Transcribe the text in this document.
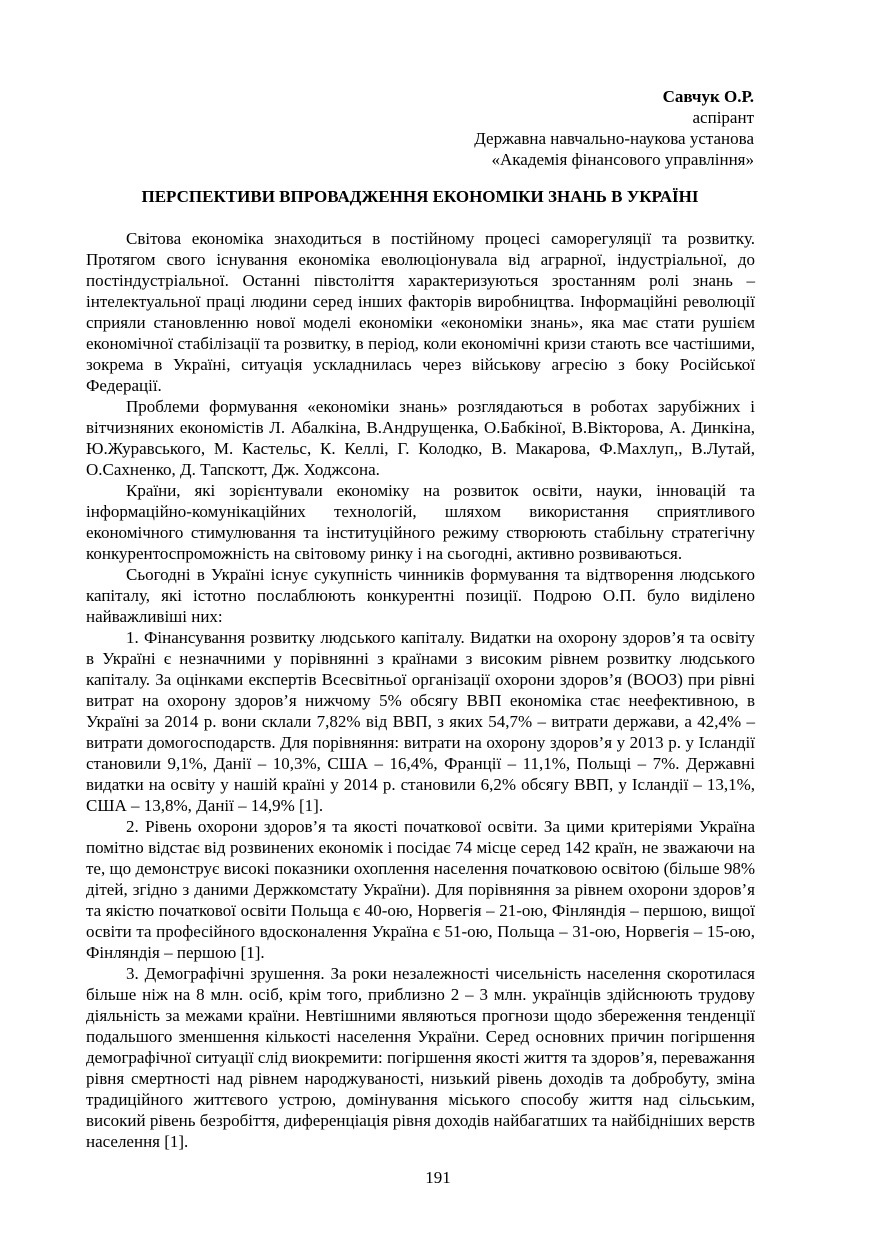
Савчук О.Р.
аспірант
Державна навчально-наукова установа
«Академія фінансового управління»
ПЕРСПЕКТИВИ ВПРОВАДЖЕННЯ ЕКОНОМІКИ ЗНАНЬ В УКРАЇНІ

Світова економіка знаходиться в постійному процесі саморегуляції та розвитку. Протягом свого існування економіка еволюціонувала від аграрної, індустріальної, до постіндустріальної. Останні півстоліття характеризуються зростанням ролі знань – інтелектуальної праці людини серед інших факторів виробництва. Інформаційні революції сприяли становленню нової моделі економіки «економіки знань», яка має стати рушієм економічної стабілізації та розвитку, в період, коли економічні кризи стають все частішими, зокрема в Україні, ситуація ускладнилась через військову агресію з боку Російської Федерації.

Проблеми формування «економіки знань» розглядаються в роботах зарубіжних і вітчизняних економістів Л. Абалкіна, В.Андрущенка, О.Бабкіної, В.Вікторова, А. Динкіна, Ю.Журавського, М. Кастельс, К. Келлі, Г. Колодко, В. Макарова, Ф.Махлуп,, В.Лутай, О.Сахненко, Д. Тапскотт, Дж. Ходжсона.

Країни, які зорієнтували економіку на розвиток освіти, науки, інновацій та інформаційно-комунікаційних технологій, шляхом використання сприятливого економічного стимулювання та інституційного режиму створюють стабільну стратегічну конкурентоспроможність на світовому ринку і на сьогодні, активно розвиваються.

Сьогодні в Україні існує сукупність чинників формування та відтворення людського капіталу, які істотно послаблюють конкурентні позиції. Подрою О.П. було виділено найважливіші них:

1. Фінансування розвитку людського капіталу. Видатки на охорону здоров’я та освіту в Україні є незначними у порівнянні з країнами з високим рівнем розвитку людського капіталу. За оцінками експертів Всесвітньої організації охорони здоров’я (ВООЗ) при рівні витрат на охорону здоров’я нижчому 5% обсягу ВВП економіка стає неефективною, в Україні за 2014 р. вони склали 7,82% від ВВП, з яких 54,7% – витрати держави, а 42,4% – витрати домогосподарств. Для порівняння: витрати на охорону здоров’я у 2013 р. у Ісландії становили 9,1%, Данії – 10,3%, США – 16,4%, Франції – 11,1%, Польщі – 7%. Державні видатки на освіту у нашій країні у 2014 р. становили 6,2% обсягу ВВП, у Ісландії – 13,1%, США – 13,8%, Данії – 14,9% [1].

2. Рівень охорони здоров’я та якості початкової освіти. За цими критеріями Україна помітно відстає від розвинених економік і посідає 74 місце серед 142 країн, не зважаючи на те, що демонструє високі показники охоплення населення початковою освітою (більше 98% дітей, згідно з даними Держкомстату України). Для порівняння за рівнем охорони здоров’я та якістю початкової освіти Польща є 40-ою, Норвегія – 21-ою, Фінляндія – першою, вищої освіти та професійного вдосконалення Україна є 51-ою, Польща – 31-ою, Норвегія – 15-ою, Фінляндія – першою [1].

3. Демографічні зрушення. За роки незалежності чисельність населення скоротилася більше ніж на 8 млн. осіб, крім того, приблизно 2 – 3 млн. українців здійснюють трудову діяльність за межами країни. Невтішними являються прогнози щодо збереження тенденції подальшого зменшення кількості населення України. Серед основних причин погіршення демографічної ситуації слід виокремити: погіршення якості життя та здоров’я, переважання рівня смертності над рівнем народжуваності, низький рівень доходів та добробуту, зміна традиційного життєвого устрою, домінування міського способу життя над сільським, високий рівень безробіття, диференціація рівня доходів найбагатших та найбідніших верств населення [1].

191
